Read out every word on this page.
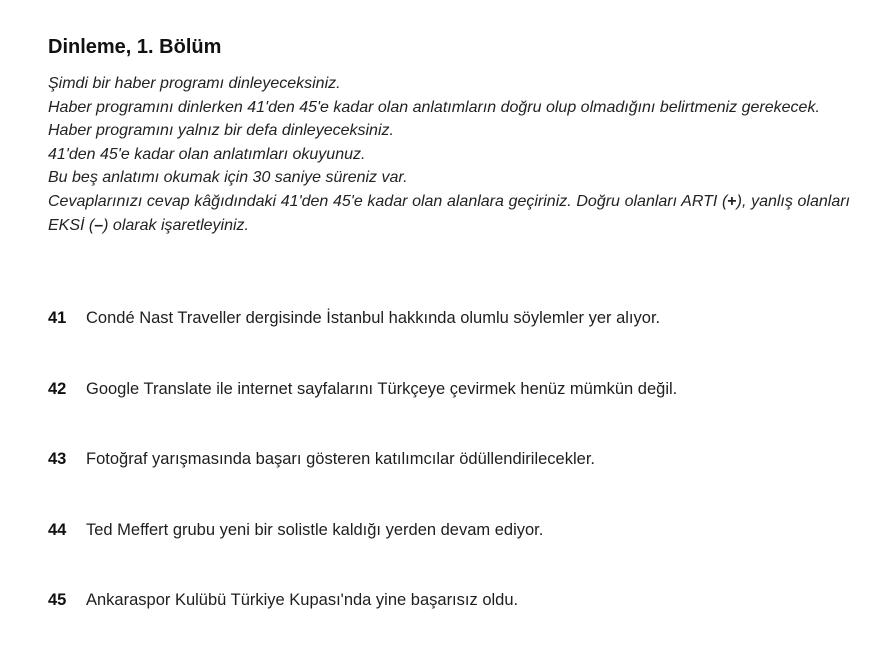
Dinleme, 1. Bölüm
Şimdi bir haber programı dinleyeceksiniz.
Haber programını dinlerken 41'den 45'e kadar olan anlatımların doğru olup olmadığını belirtmeniz gerekecek.
Haber programını yalnız bir defa dinleyeceksiniz.
41'den 45'e kadar olan anlatımları okuyunuz.
Bu beş anlatımı okumak için 30 saniye süreniz var.
Cevaplarınızı cevap kâğıdındaki 41'den 45'e kadar olan alanlara geçiriniz. Doğru olanları ARTI (+), yanlış olanları EKSİ (–) olarak işaretleyiniz.
41	Condé Nast Traveller dergisinde İstanbul hakkında olumlu söylemler yer alıyor.
42	Google Translate ile internet sayfalarını Türkçeye çevirmek henüz mümkün değil.
43	Fotoğraf yarışmasında başarı gösteren katılımcılar ödüllendirilecekler.
44	Ted Meffert grubu yeni bir solistle kaldığı yerden devam ediyor.
45	Ankaraspor Kulübü Türkiye Kupası'nda yine başarısız oldu.
